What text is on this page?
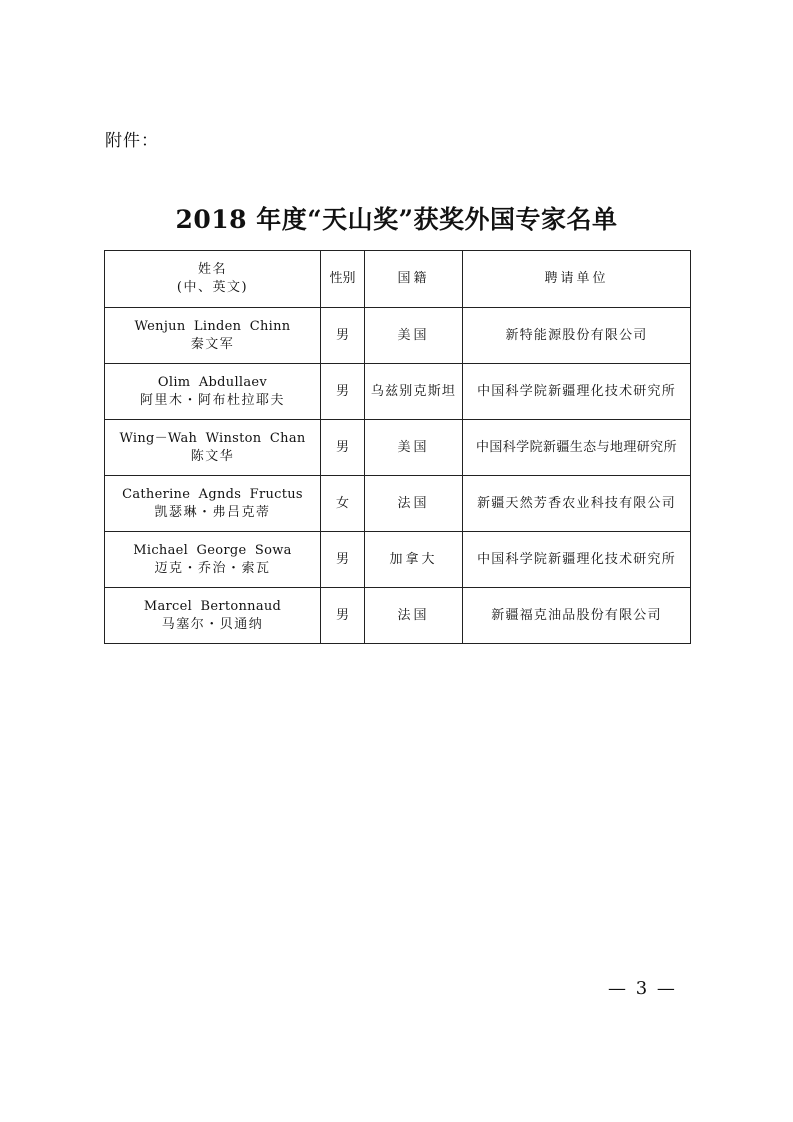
附件：
2018 年度“天山奖”获奖外国专家名单
姓名
(中、英文)	性别	国籍	聘请单位

Wenjun Linden Chinn
秦文军	男	美国	新特能源股份有限公司

Olim Abdullaev
阿里木・阿布杜拉耶夫	男	乌兹别克斯坦	中国科学院新疆理化技术研究所

Wing－Wah Winston Chan
陈文华	男	美国	中国科学院新疆生态与地理研究所

Catherine Agnds Fructus
凯瑟琳・弗吕克蒂	女	法国	新疆天然芳香农业科技有限公司

Michael George Sowa
迈克・乔治・索瓦	男	加拿大	中国科学院新疆理化技术研究所

Marcel Bertonnaud
马塞尔・贝通纳	男	法国	新疆福克油品股份有限公司
— 3 —
